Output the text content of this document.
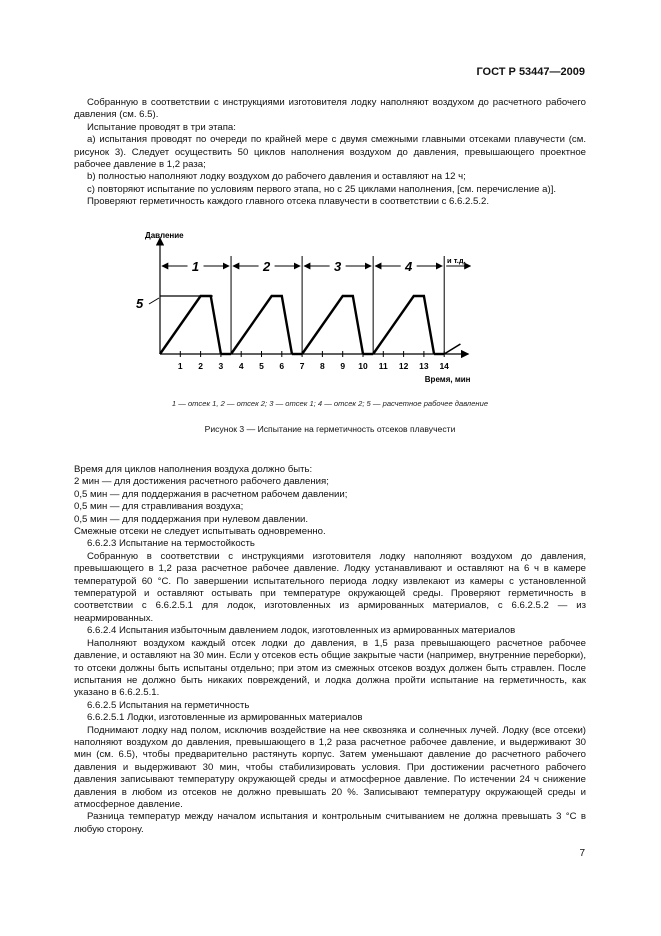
ГОСТ Р 53447—2009

Собранную в соответствии с инструкциями изготовителя лодку наполняют воздухом до расчетного рабочего давления (см. 6.5).

Испытание проводят в три этапа:

a) испытания проводят по очереди по крайней мере с двумя смежными главными отсеками плавучести (см. рисунок 3). Следует осуществить 50 циклов наполнения воздухом до давления, превышающего проектное рабочее давление в 1,2 раза;

b) полностью наполняют лодку воздухом до рабочего давления и оставляют на 12 ч;

c) повторяют испытание по условиям первого этапа, но с 25 циклами наполнения, [см. перечисление a)].

Проверяют герметичность каждого главного отсека плавучести в соответствии с 6.6.2.5.2.

Давление
Время, мин
5
1 2 3 4 5 6 7 8 9 10 11 12 13 14
1	2	3	4	и т.д.
1 — отсек 1, 2 — отсек 2; 3 — отсек 1; 4 — отсек 2; 5 — расчетное рабочее давление
Рисунок 3 — Испытание на герметичность отсеков плавучести

Время для циклов наполнения воздуха должно быть:

2 мин — для достижения расчетного рабочего давления;

0,5 мин — для поддержания в расчетном рабочем давлении;

0,5 мин — для стравливания воздуха;

0,5 мин — для поддержания при нулевом давлении.

Смежные отсеки не следует испытывать одновременно.

6.6.2.3 Испытание на термостойкость

Собранную в соответствии с инструкциями изготовителя лодку наполняют воздухом до давления, превышающего в 1,2 раза расчетное рабочее давление. Лодку устанавливают и оставляют на 6 ч в камере температурой 60 °С. По завершении испытательного периода лодку извлекают из камеры с установленной температурой и оставляют остывать при температуре окружающей среды. Проверяют герметичность в соответствии с 6.6.2.5.1 для лодок, изготовленных из армированных материалов, с 6.6.2.5.2 — из неармированных.

6.6.2.4 Испытания избыточным давлением лодок, изготовленных из армированных материалов

Наполняют воздухом каждый отсек лодки до давления, в 1,5 раза превышающего расчетное рабочее давление, и оставляют на 30 мин. Если у отсеков есть общие закрытые части (например, внутренние переборки), то отсеки должны быть испытаны отдельно; при этом из смежных отсеков воздух должен быть стравлен. После испытания не должно быть никаких повреждений, и лодка должна пройти испытание на герметичность, как указано в 6.6.2.5.1.

6.6.2.5 Испытания на герметичность

6.6.2.5.1 Лодки, изготовленные из армированных материалов

Поднимают лодку над полом, исключив воздействие на нее сквозняка и солнечных лучей. Лодку (все отсеки) наполняют воздухом до давления, превышающего в 1,2 раза расчетное рабочее давление, и выдерживают 30 мин (см. 6.5), чтобы предварительно растянуть корпус. Затем уменьшают давление до расчетного рабочего давления и выдерживают 30 мин, чтобы стабилизировать условия. При достижении расчетного рабочего давления записывают температуру окружающей среды и атмосферное давление. По истечении 24 ч снижение давления в любом из отсеков не должно превышать 20 %. Записывают температуру окружающей среды и атмосферное давление.

Разница температур между началом испытания и контрольным считыванием не должна превышать 3 °С в любую сторону.

7
